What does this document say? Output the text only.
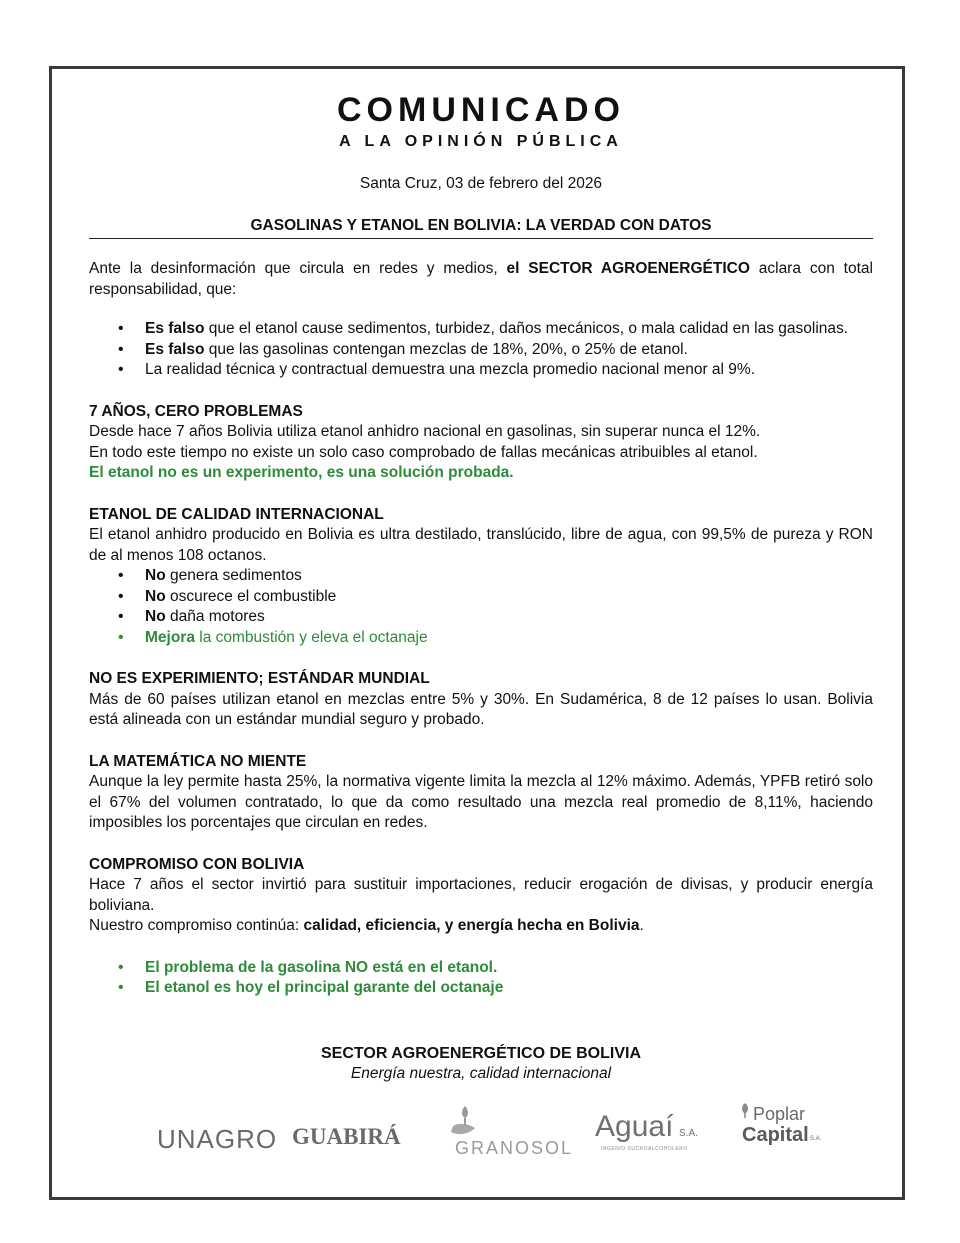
COMUNICADO
A LA OPINIÓN PÚBLICA
Santa Cruz, 03 de febrero del 2026
GASOLINAS Y ETANOL EN BOLIVIA: LA VERDAD CON DATOS

Ante la desinformación que circula en redes y medios, el SECTOR AGROENERGÉTICO aclara con total responsabilidad, que:

• Es falso que el etanol cause sedimentos, turbidez, daños mecánicos, o mala calidad en las gasolinas.
• Es falso que las gasolinas contengan mezclas de 18%, 20%, o 25% de etanol.
• La realidad técnica y contractual demuestra una mezcla promedio nacional menor al 9%.
7 AÑOS, CERO PROBLEMAS

Desde hace 7 años Bolivia utiliza etanol anhidro nacional en gasolinas, sin superar nunca el 12%.

En todo este tiempo no existe un solo caso comprobado de fallas mecánicas atribuibles al etanol.

El etanol no es un experimento, es una solución probada.

ETANOL DE CALIDAD INTERNACIONAL

El etanol anhidro producido en Bolivia es ultra destilado, translúcido, libre de agua, con 99,5% de pureza y RON de al menos 108 octanos.

• No genera sedimentos
• No oscurece el combustible
• No daña motores
• Mejora la combustión y eleva el octanaje
NO ES EXPERIMIENTO; ESTÁNDAR MUNDIAL

Más de 60 países utilizan etanol en mezclas entre 5% y 30%. En Sudamérica, 8 de 12 países lo usan. Bolivia está alineada con un estándar mundial seguro y probado.

LA MATEMÁTICA NO MIENTE

Aunque la ley permite hasta 25%, la normativa vigente limita la mezcla al 12% máximo. Además, YPFB retiró solo el 67% del volumen contratado, lo que da como resultado una mezcla real promedio de 8,11%, haciendo imposibles los porcentajes que circulan en redes.

COMPROMISO CON BOLIVIA

Hace 7 años el sector invirtió para sustituir importaciones, reducir erogación de divisas, y producir energía boliviana.

Nuestro compromiso continúa: calidad, eficiencia, y energía hecha en Bolivia.

• El problema de la gasolina NO está en el etanol.
• El etanol es hoy el principal garante del octanaje
SECTOR AGROENERGÉTICO DE BOLIVIA
Energía nuestra, calidad internacional
UNAGRO GUABIRÁ	GRANOSOL
Aguaí S.A.
INGENIO SUCROALCOHOLERO
Poplar
Capital S.A.
